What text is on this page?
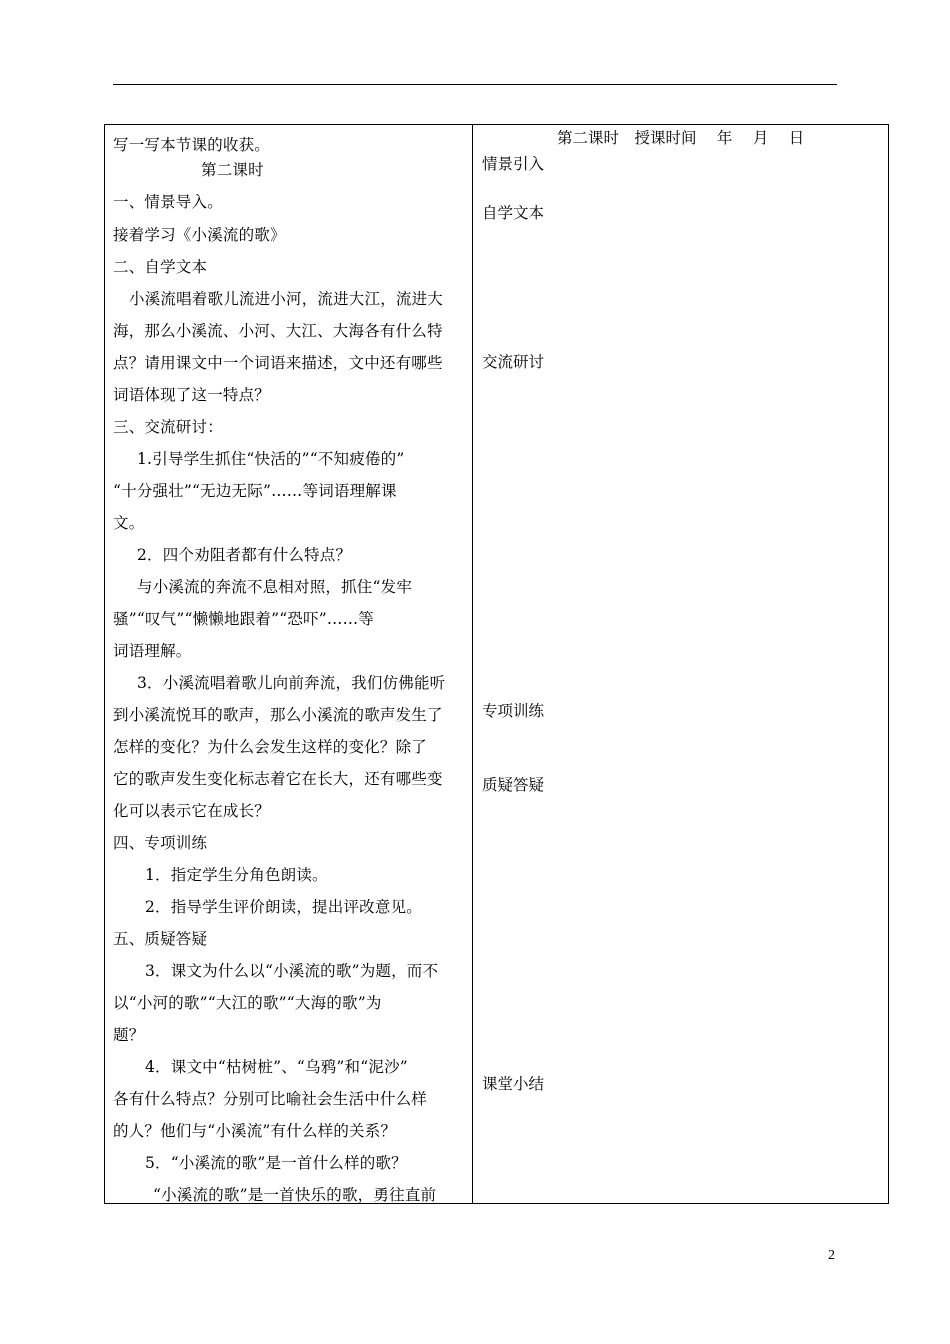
写一写本节课的收获。
第二课时
一、情景导入。
接着学习《小溪流的歌》
二、自学文本
小溪流唱着歌儿流进小河，流进大江，流进大
海，那么小溪流、小河、大江、大海各有什么特
点？请用课文中一个词语来描述，文中还有哪些
词语体现了这一特点？
三、交流研讨：
1.引导学生抓住“快活的”“不知疲倦的”
“十分强壮”“无边无际”……等词语理解课
文。
2．四个劝阻者都有什么特点？
与小溪流的奔流不息相对照，抓住“发牢
骚”“叹气”“懒懒地跟着”“恐吓”……等
词语理解。
3．小溪流唱着歌儿向前奔流，我们仿佛能听
到小溪流悦耳的歌声，那么小溪流的歌声发生了
怎样的变化？为什么会发生这样的变化？除了
它的歌声发生变化标志着它在长大，还有哪些变
化可以表示它在成长？
四、专项训练
1．指定学生分角色朗读。
2．指导学生评价朗读，提出评改意见。
五、质疑答疑
3．课文为什么以“小溪流的歌”为题，而不
以“小河的歌”“大江的歌”“大海的歌”为
题？
4．课文中“枯树桩”、“乌鸦”和“泥沙”
各有什么特点？分别可比喻社会生活中什么样
的人？他们与“小溪流”有什么样的关系？
5．“小溪流的歌”是一首什么样的歌？
“小溪流的歌”是一首快乐的歌，勇往直前
第二课时　授课时间　 年 　月　 日
情景引入
自学文本
交流研讨
专项训练
质疑答疑
课堂小结
2
